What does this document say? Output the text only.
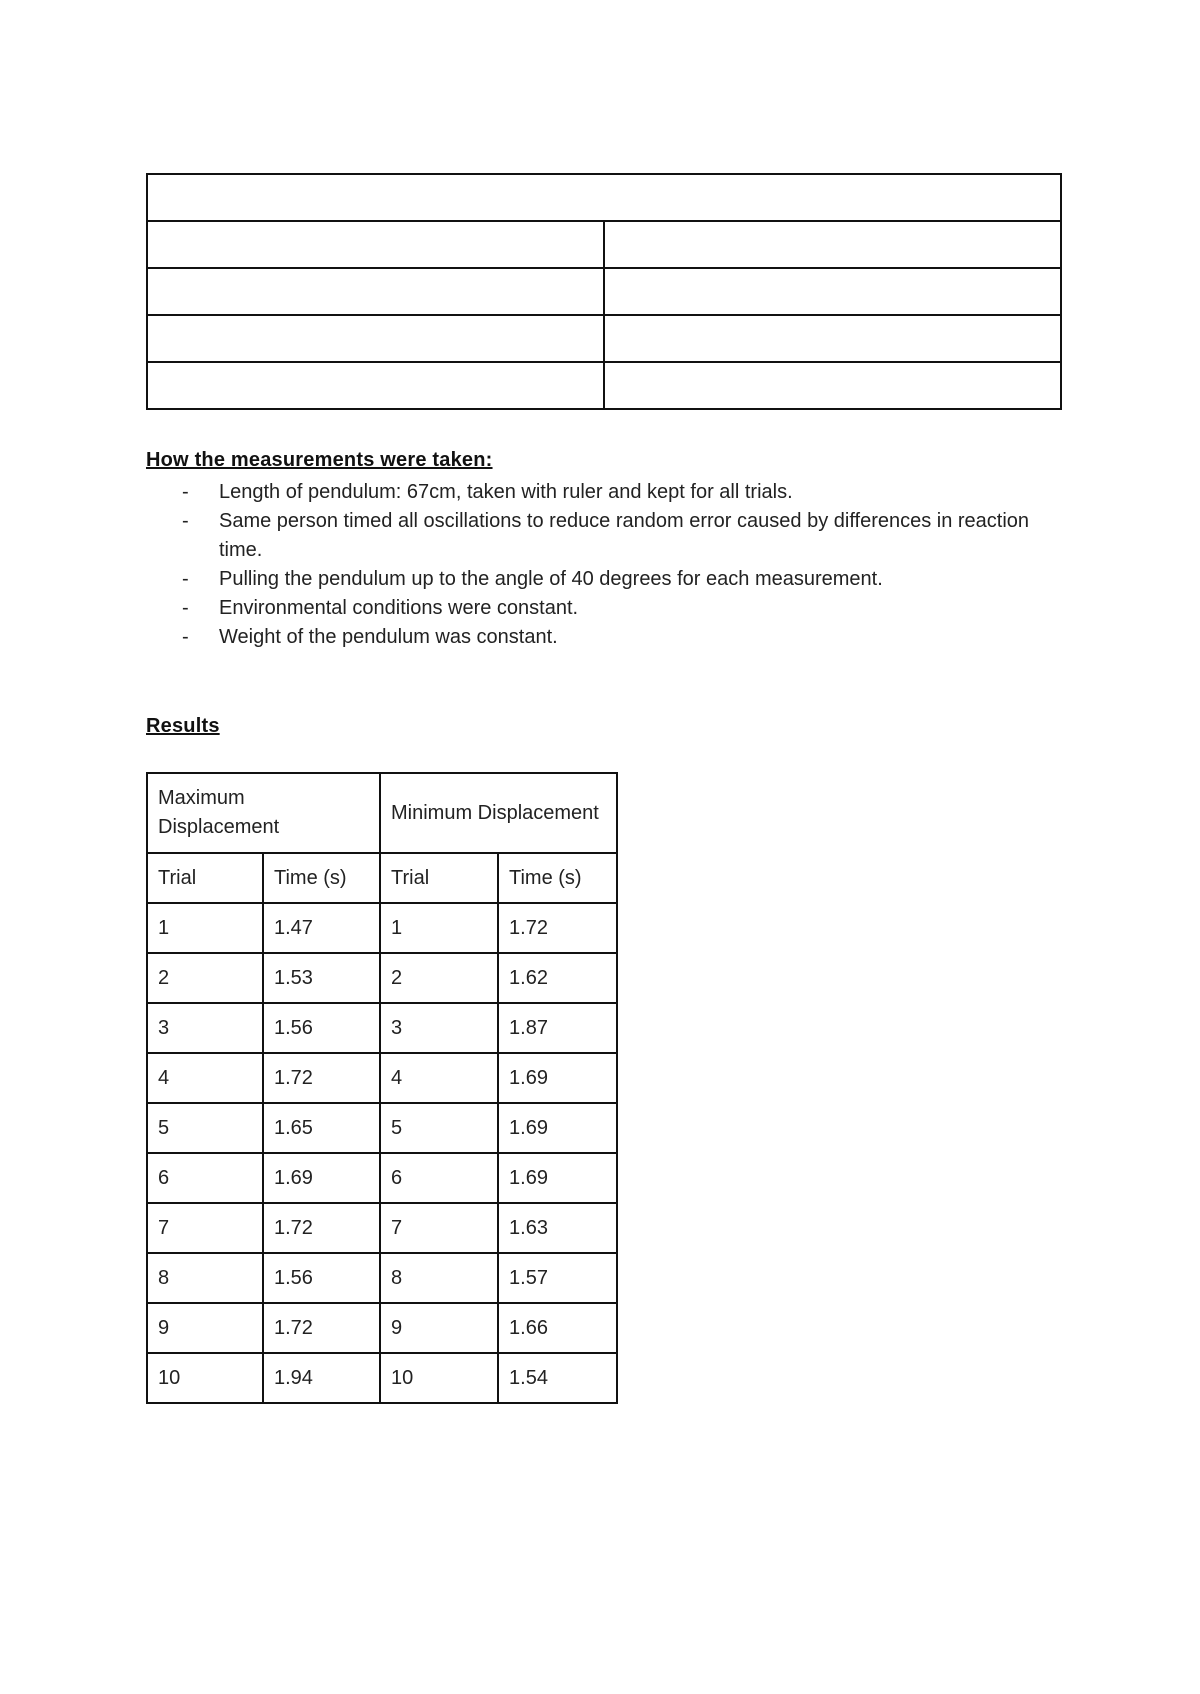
How the measurements were taken:
- Length of pendulum: 67cm, taken with ruler and kept for all trials.
- Same person timed all oscillations to reduce random error caused by differences in reaction time.
- Pulling the pendulum up to the angle of 40 degrees for each measurement.
- Environmental conditions were constant.
- Weight of the pendulum was constant.
Results
Maximum Displacement		Minimum Displacement	
Trial	Time (s)	Trial	Time (s)
1	1.47	1	1.72
2	1.53	2	1.62
3	1.56	3	1.87
4	1.72	4	1.69
5	1.65	5	1.69
6	1.69	6	1.69
7	1.72	7	1.63
8	1.56	8	1.57
9	1.72	9	1.66
10	1.94	10	1.54
